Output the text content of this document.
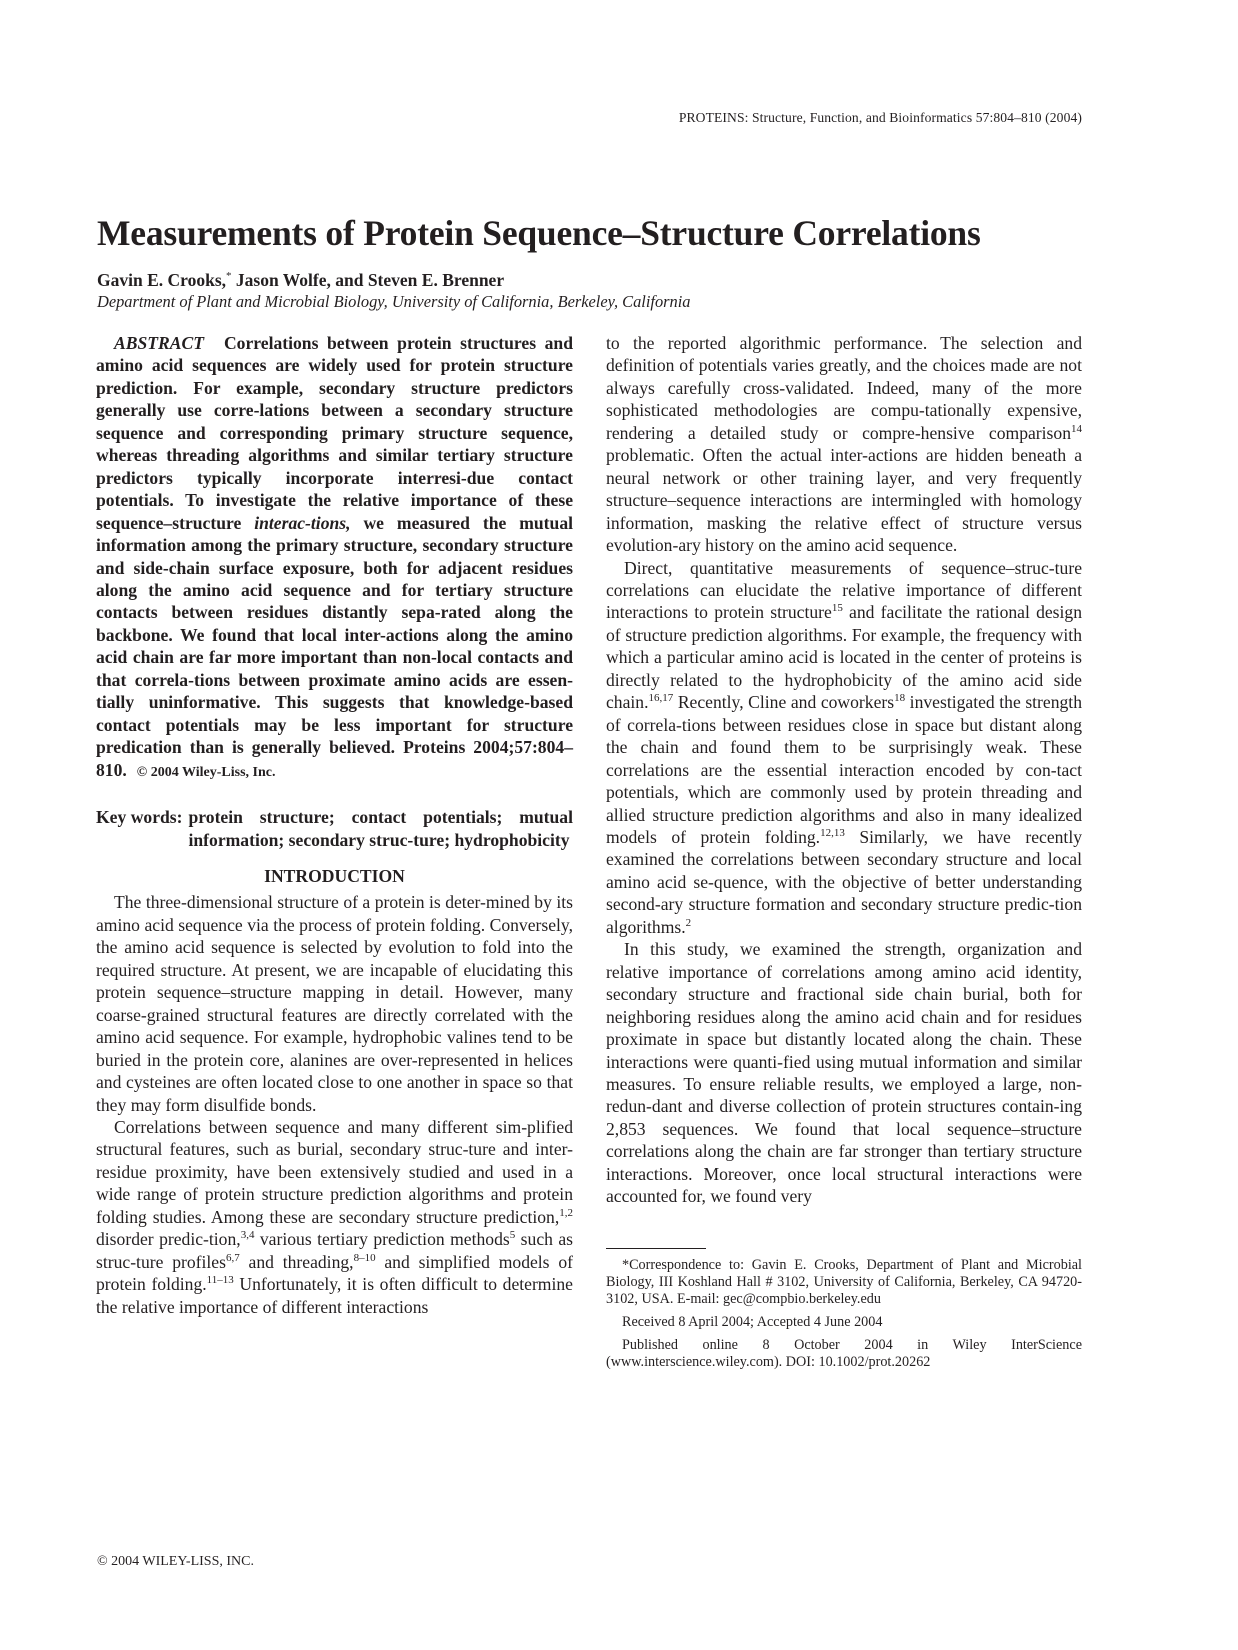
PROTEINS: Structure, Function, and Bioinformatics 57:804–810 (2004)
Measurements of Protein Sequence–Structure Correlations
Gavin E. Crooks,* Jason Wolfe, and Steven E. Brenner
Department of Plant and Microbial Biology, University of California, Berkeley, California

ABSTRACT Correlations between protein structures and amino acid sequences are widely used for protein structure prediction. For example, secondary structure predictors generally use corre-lations between a secondary structure sequence and corresponding primary structure sequence, whereas threading algorithms and similar tertiary structure predictors typically incorporate interresi-due contact potentials. To investigate the relative importance of these sequence–structure interac-tions, we measured the mutual information among the primary structure, secondary structure and side-chain surface exposure, both for adjacent residues along the amino acid sequence and for tertiary structure contacts between residues distantly sepa-rated along the backbone. We found that local inter-actions along the amino acid chain are far more important than non-local contacts and that correla-tions between proximate amino acids are essen-tially uninformative. This suggests that knowledge-based contact potentials may be less important for structure predication than is generally believed. Proteins 2004;57:804–810. © 2004 Wiley-Liss, Inc.

Key words: protein structure; contact potentials; mutual information; secondary struc-ture; hydrophobicity
INTRODUCTION

The three-dimensional structure of a protein is deter-mined by its amino acid sequence via the process of protein folding. Conversely, the amino acid sequence is selected by evolution to fold into the required structure. At present, we are incapable of elucidating this protein sequence–structure mapping in detail. However, many coarse-grained structural features are directly correlated with the amino acid sequence. For example, hydrophobic valines tend to be buried in the protein core, alanines are over-represented in helices and cysteines are often located close to one another in space so that they may form disulfide bonds.

Correlations between sequence and many different sim-plified structural features, such as burial, secondary struc-ture and inter-residue proximity, have been extensively studied and used in a wide range of protein structure prediction algorithms and protein folding studies. Among these are secondary structure prediction,$^{1,2}$ disorder predic-tion,$^{3,4}$ various tertiary prediction methods$^5$ such as struc-ture profiles$^{6,7}$ and threading,$^{8-10}$ and simplified models of protein folding.$^{11-13}$ Unfortunately, it is often difficult to determine the relative importance of different interactions

to the reported algorithmic performance. The selection and definition of potentials varies greatly, and the choices made are not always carefully cross-validated. Indeed, many of the more sophisticated methodologies are compu-tationally expensive, rendering a detailed study or compre-hensive comparison$^{14}$ problematic. Often the actual inter-actions are hidden beneath a neural network or other training layer, and very frequently structure–sequence interactions are intermingled with homology information, masking the relative effect of structure versus evolution-ary history on the amino acid sequence.

Direct, quantitative measurements of sequence–struc-ture correlations can elucidate the relative importance of different interactions to protein structure$^{15}$ and facilitate the rational design of structure prediction algorithms. For example, the frequency with which a particular amino acid is located in the center of proteins is directly related to the hydrophobicity of the amino acid side chain.$^{16,17}$ Recently, Cline and coworkers$^{18}$ investigated the strength of correla-tions between residues close in space but distant along the chain and found them to be surprisingly weak. These correlations are the essential interaction encoded by con-tact potentials, which are commonly used by protein threading and allied structure prediction algorithms and also in many idealized models of protein folding.$^{12,13}$ Similarly, we have recently examined the correlations between secondary structure and local amino acid se-quence, with the objective of better understanding second-ary structure formation and secondary structure predic-tion algorithms.$^2$

In this study, we examined the strength, organization and relative importance of correlations among amino acid identity, secondary structure and fractional side chain burial, both for neighboring residues along the amino acid chain and for residues proximate in space but distantly located along the chain. These interactions were quanti-fied using mutual information and similar measures. To ensure reliable results, we employed a large, non-redun-dant and diverse collection of protein structures contain-ing 2,853 sequences. We found that local sequence–structure correlations along the chain are far stronger than tertiary structure interactions. Moreover, once local structural interactions were accounted for, we found very

*Correspondence to: Gavin E. Crooks, Department of Plant and Microbial Biology, III Koshland Hall # 3102, University of California, Berkeley, CA 94720-3102, USA. E-mail: gec@compbio.berkeley.edu

Received 8 April 2004; Accepted 4 June 2004

Published online 8 October 2004 in Wiley InterScience (www.interscience.wiley.com). DOI: 10.1002/prot.20262

© 2004 WILEY-LISS, INC.
